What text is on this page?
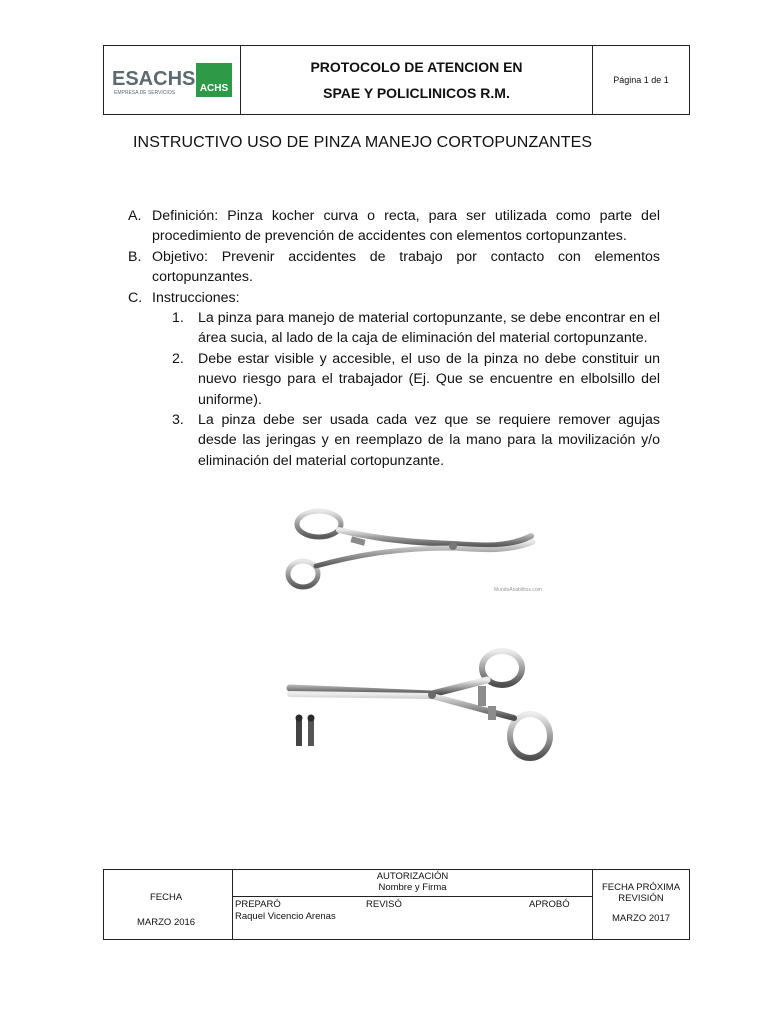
ESACHS
EMPRESA DE SERVICIOS ACHS
PROTOCOLO DE ATENCION EN
SPAE Y POLICLINICOS R.M.
Página 1 de 1
INSTRUCTIVO USO DE PINZA MANEJO CORTOPUNZANTES
A. Definición: Pinza kocher curva o recta, para ser utilizada como parte del procedimiento de prevención de accidentes con elementos cortopunzantes.
B. Objetivo: Prevenir accidentes de trabajo por contacto con elementos cortopunzantes.
C. Instrucciones:
1. La pinza para manejo de material cortopunzante, se debe encontrar en el área sucia, al lado de la caja de eliminación del material cortopunzante.
2. Debe estar visible y accesible, el uso de la pinza no debe constituir un nuevo riesgo para el trabajador (Ej. Que se encuentre en elbolsillo del uniforme).
3. La pinza debe ser usada cada vez que se requiere remover agujas desde las jeringas y en reemplazo de la mano para la movilización y/o eliminación del material cortopunzante.
MundoAnabilitos.com
FECHA
MARZO 2016
AUTORIZACIÓN
Nombre y Firma
PREPARÓ	REVISÓ	APROBÓ
Raquel Vicencio Arenas
FECHA PRÓXIMA
REVISIÓN
MARZO 2017
